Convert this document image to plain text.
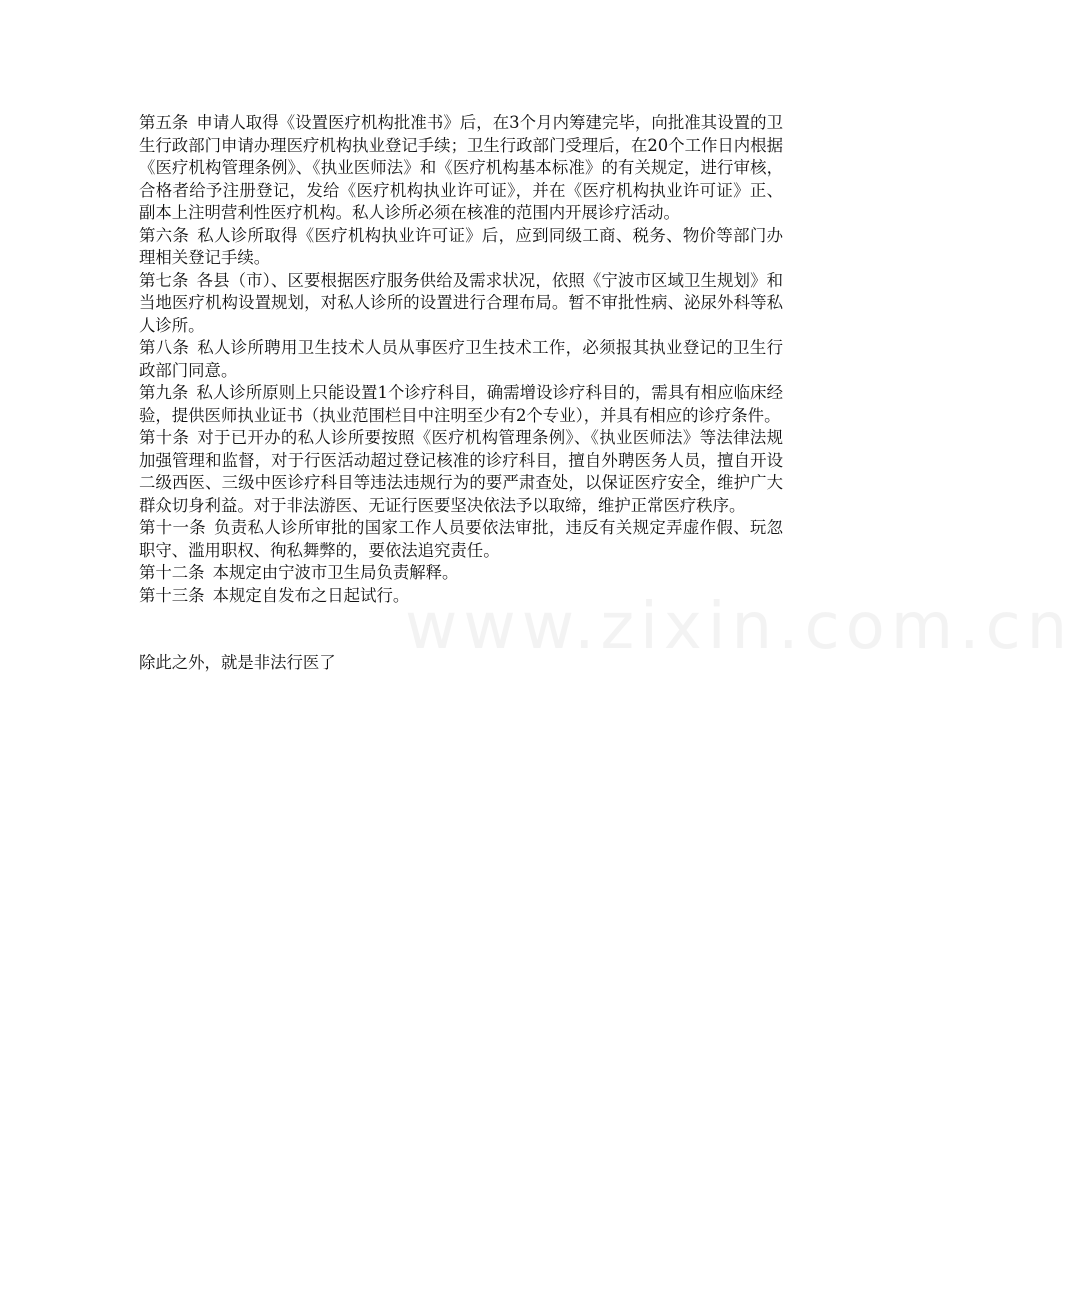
第五条 申请人取得《设置医疗机构批准书》后，在3个月内筹建完毕，向批准其设置的卫生行政部门申请办理医疗机构执业登记手续；卫生行政部门受理后，在20个工作日内根据《医疗机构管理条例》、《执业医师法》和《医疗机构基本标准》的有关规定，进行审核，合格者给予注册登记，发给《医疗机构执业许可证》，并在《医疗机构执业许可证》正、副本上注明营利性医疗机构。私人诊所必须在核准的范围内开展诊疗活动。

第六条 私人诊所取得《医疗机构执业许可证》后，应到同级工商、税务、物价等部门办理相关登记手续。

第七条 各县（市）、区要根据医疗服务供给及需求状况，依照《宁波市区域卫生规划》和当地医疗机构设置规划，对私人诊所的设置进行合理布局。暂不审批性病、泌尿外科等私人诊所。

第八条 私人诊所聘用卫生技术人员从事医疗卫生技术工作，必须报其执业登记的卫生行政部门同意。

第九条 私人诊所原则上只能设置1个诊疗科目，确需增设诊疗科目的，需具有相应临床经验，提供医师执业证书（执业范围栏目中注明至少有2个专业），并具有相应的诊疗条件。

第十条 对于已开办的私人诊所要按照《医疗机构管理条例》、《执业医师法》等法律法规加强管理和监督，对于行医活动超过登记核准的诊疗科目，擅自外聘医务人员，擅自开设二级西医、三级中医诊疗科目等违法违规行为的要严肃查处，以保证医疗安全，维护广大群众切身利益。对于非法游医、无证行医要坚决依法予以取缔，维护正常医疗秩序。

第十一条 负责私人诊所审批的国家工作人员要依法审批，违反有关规定弄虚作假、玩忽职守、滥用职权、徇私舞弊的，要依法追究责任。

第十二条 本规定由宁波市卫生局负责解释。

第十三条 本规定自发布之日起试行。

除此之外，就是非法行医了	www.zixin.com.cn
